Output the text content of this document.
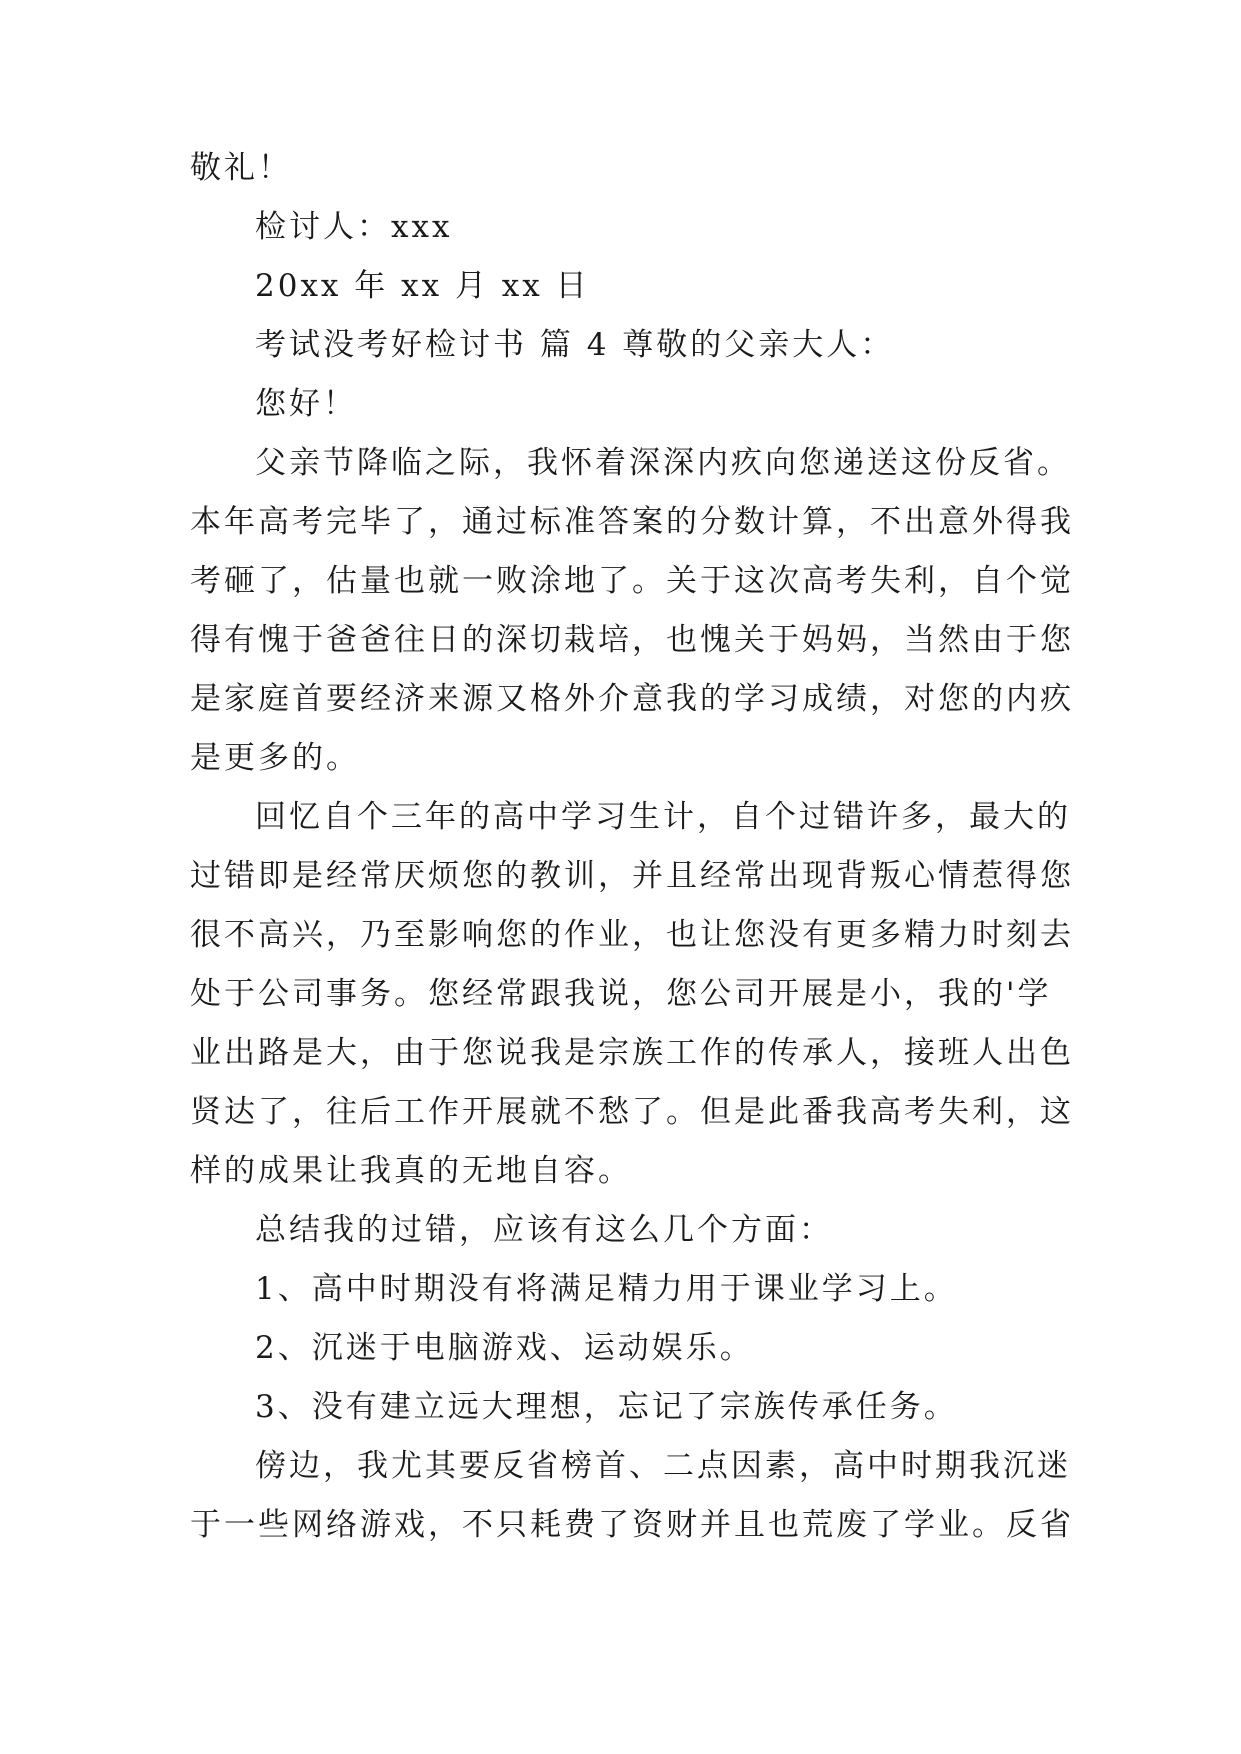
敬礼！
检讨人：xxx
20xx 年 xx 月 xx 日
考试没考好检讨书 篇 4 尊敬的父亲大人：
您好！
父亲节降临之际，我怀着深深内疚向您递送这份反省。
本年高考完毕了，通过标准答案的分数计算，不出意外得我
考砸了，估量也就一败涂地了。关于这次高考失利，自个觉
得有愧于爸爸往日的深切栽培，也愧关于妈妈，当然由于您
是家庭首要经济来源又格外介意我的学习成绩，对您的内疚
是更多的。
回忆自个三年的高中学习生计，自个过错许多，最大的
过错即是经常厌烦您的教训，并且经常出现背叛心情惹得您
很不高兴，乃至影响您的作业，也让您没有更多精力时刻去
处于公司事务。您经常跟我说，您公司开展是小，我的'学
业出路是大，由于您说我是宗族工作的传承人，接班人出色
贤达了，往后工作开展就不愁了。但是此番我高考失利，这
样的成果让我真的无地自容。
总结我的过错，应该有这么几个方面：
1、高中时期没有将满足精力用于课业学习上。
2、沉迷于电脑游戏、运动娱乐。
3、没有建立远大理想，忘记了宗族传承任务。
傍边，我尤其要反省榜首、二点因素，高中时期我沉迷
于一些网络游戏，不只耗费了资财并且也荒废了学业。反省
